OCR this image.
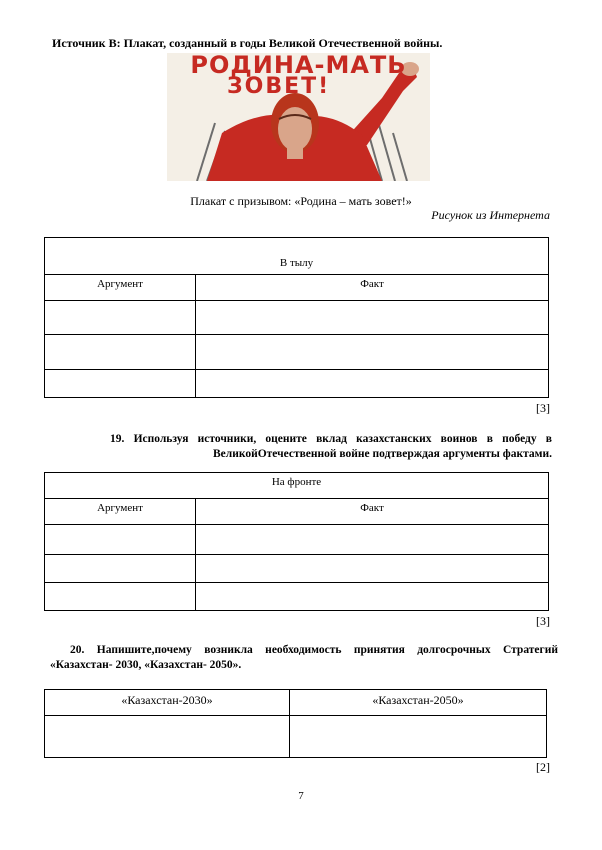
Источник В: Плакат, созданный в годы Великой Отечественной войны.
РОДИНА-МАТЬ
ЗОВЕТ!
Плакат с призывом: «Родина – мать зовет!»
Рисунок из Интернета
В тылу	
Аргумент	Факт

[3]
19. Используя источники, оцените вклад казахстанских воинов в победу в
ВеликойОтечественной войне подтверждая аргументы фактами.
На фронте	
Аргумент	Факт

[3]
20. Напишите,почему возникла необходимость принятия долгосрочных Стратегий
«Казахстан- 2030, «Казахстан- 2050».
«Казахстан-2030»	«Казахстан-2050»

[2]
7
